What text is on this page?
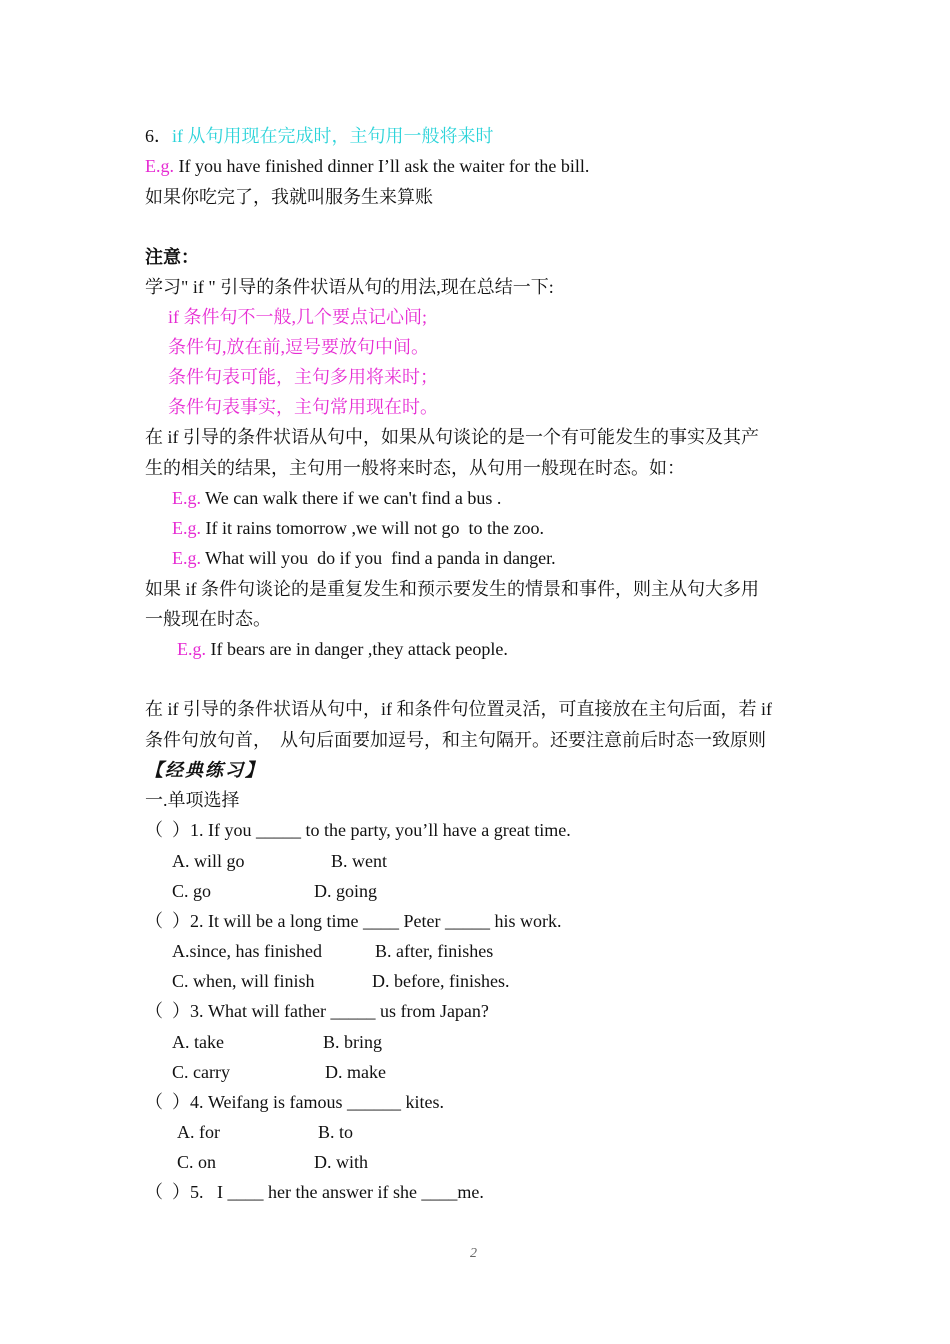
6．if 从句用现在完成时，主句用一般将来时
E.g. If you have finished dinner I’ll ask the waiter for the bill.
如果你吃完了，我就叫服务生来算账
注意：
学习" if " 引导的条件状语从句的用法,现在总结一下:
if 条件句不一般,几个要点记心间;
条件句,放在前,逗号要放句中间。
条件句表可能，主句多用将来时；
条件句表事实，主句常用现在时。
在 if 引导的条件状语从句中，如果从句谈论的是一个有可能发生的事实及其产
生的相关的结果，主句用一般将来时态，从句用一般现在时态。如：
E.g. We can walk there if we can't find a bus .
E.g. If it rains tomorrow ,we will not go  to the zoo.
E.g. What will you  do if you  find a panda in danger.
如果 if 条件句谈论的是重复发生和预示要发生的情景和事件，则主从句大多用
一般现在时态。
E.g. If bears are in danger ,they attack people.
在 if 引导的条件状语从句中，if 和条件句位置灵活，可直接放在主句后面，若 if
条件句放句首，  从句后面要加逗号，和主句隔开。还要注意前后时态一致原则
【经典练习】
一.单项选择
（  ）1. If you _____ to the party, you’ll have a great time.
A. will go	B. went
C. go	D. going
（  ）2. It will be a long time ____ Peter _____ his work.
A.since, has finished	B. after, finishes
C. when, will finish	D. before, finishes.
（  ）3. What will father _____ us from Japan?
A. take	B. bring
C. carry	D. make
（  ）4. Weifang is famous ______ kites.
A. for	B. to
C. on	D. with
（  ）5.   I ____ her the answer if she ____me.
2
